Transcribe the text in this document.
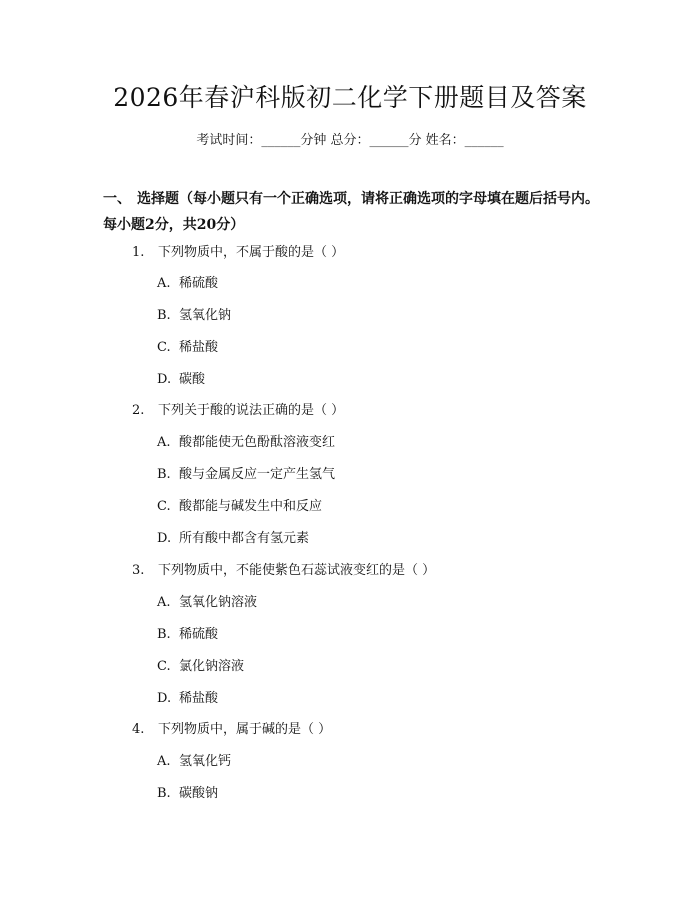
2026年春沪科版初二化学下册题目及答案
考试时间：______分钟 总分：______分 姓名：______
一、 选择题（每小题只有一个正确选项，请将正确选项的字母填在题后括号内。
每小题2分，共20分）
1. 下列物质中，不属于酸的是（ ）
A. 稀硫酸
B. 氢氧化钠
C. 稀盐酸
D. 碳酸
2. 下列关于酸的说法正确的是（ ）
A. 酸都能使无色酚酞溶液变红
B. 酸与金属反应一定产生氢气
C. 酸都能与碱发生中和反应
D. 所有酸中都含有氢元素
3. 下列物质中，不能使紫色石蕊试液变红的是（ ）
A. 氢氧化钠溶液
B. 稀硫酸
C. 氯化钠溶液
D. 稀盐酸
4. 下列物质中，属于碱的是（ ）
A. 氢氧化钙
B. 碳酸钠
